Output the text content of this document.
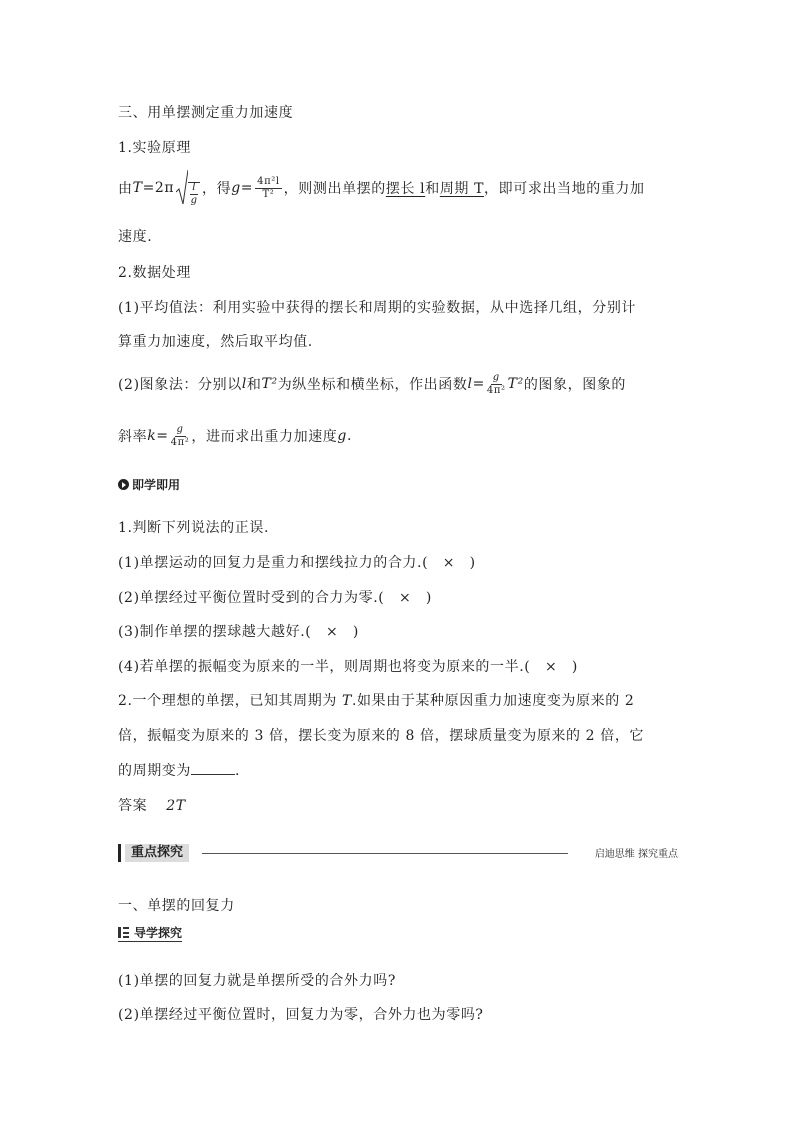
三、用单摆测定重力加速度
1.实验原理
由 $T =2\pi \frac{l}{g}$ ，得 $g = \frac{\text{4π²l}}{\text{T²}}$ ，则测出单摆的 摆长 l 和 周期 T ，即可求出当地的重力加
速度.
2.数据处理
(1)平均值法：利用实验中获得的摆长和周期的实验数据，从中选择几组，分别计
算重力加速度，然后取平均值.
(2)图象法：分别以 l 和 T² 为纵坐标和横坐标，作出函数 $l = \frac{g}{\text{4π²}} T^2$ 的图象，图象的
斜率 $k = \frac{g}{\text{4π²}}$ ，进而求出重力加速度 g .
即学即用
1.判断下列说法的正误.
(1)单摆运动的回复力是重力和摆线拉力的合力.(　×　)
(2)单摆经过平衡位置时受到的合力为零.(　×　)
(3)制作单摆的摆球越大越好.(　×　)
(4)若单摆的振幅变为原来的一半，则周期也将变为原来的一半.(　×　)
2.一个理想的单摆，已知其周期为 T.如果由于某种原因重力加速度变为原来的 2
倍，振幅变为原来的 3 倍，摆长变为原来的 8 倍，摆球质量变为原来的 2 倍，它
的周期变为	.
答案 2T
重点探究	启迪思维 探究重点
一、单摆的回复力
导学探究
(1)单摆的回复力就是单摆所受的合外力吗?
(2)单摆经过平衡位置时，回复力为零，合外力也为零吗?
